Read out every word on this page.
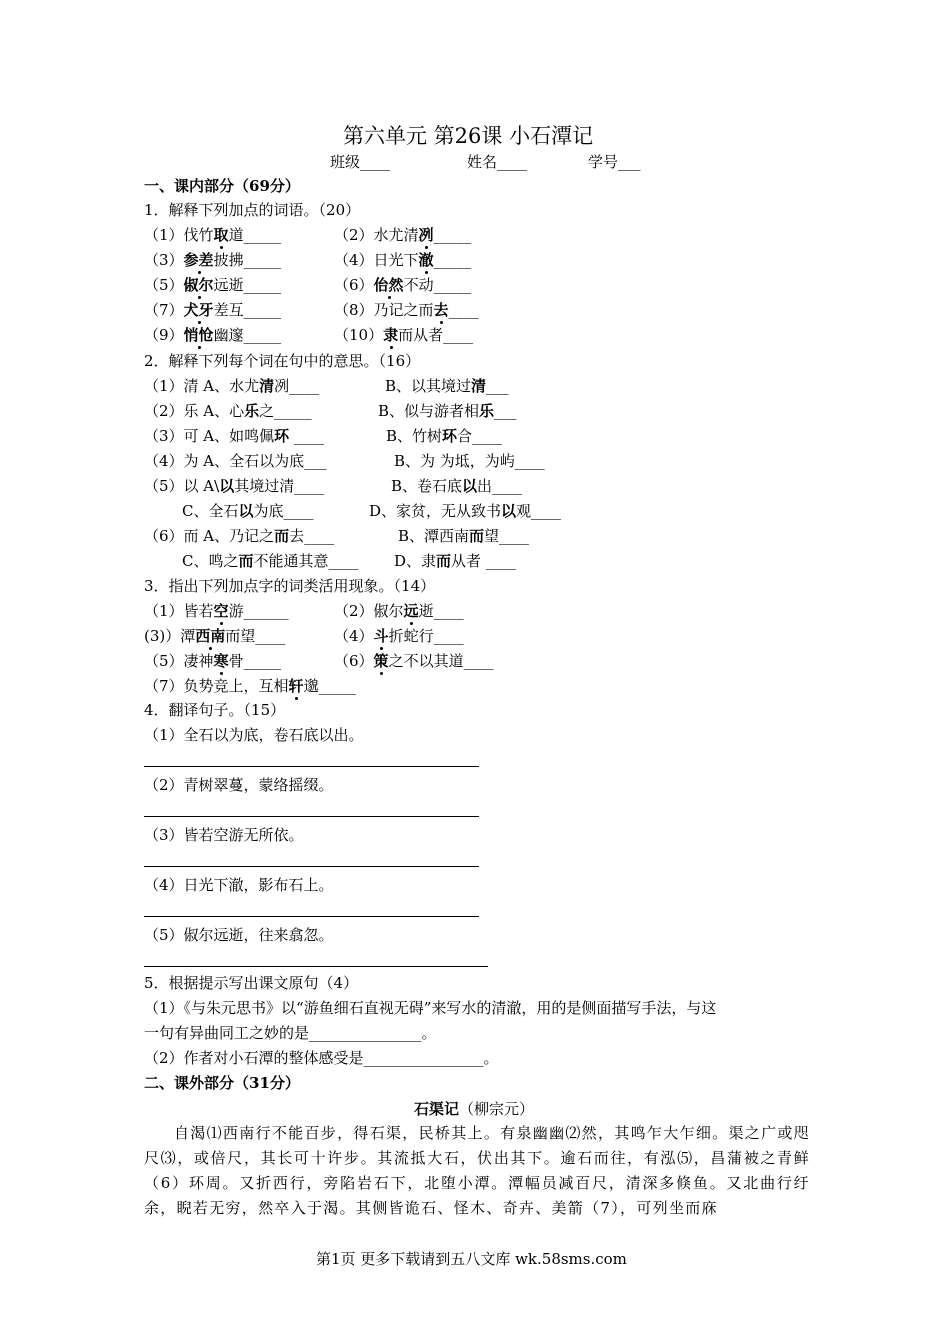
第六单元 第26课 小石潭记
班级____	姓名____	学号___
一、课内部分（69分）
1．解释下列加点的词语。（20）
（1）伐竹取道_____	（2）水尤清冽_____
（3）参差披拂_____	（4）日光下澈_____
（5）俶尔远逝_____	（6）佁然不动_____
（7）犬牙差互_____	（8）乃记之而去____
（9）悄怆幽邃_____	（10）隶而从者____
2．解释下列每个词在句中的意思。（16）
（1）清 A、水尤清冽____	B、以其境过清___
（2）乐 A、心乐之_____	B、似与游者相乐___
（3）可 A、如鸣佩环 ____	B、竹树环合____
（4）为 A、全石以为底___	B、为 为坻，为屿____
（5）以 A\以其境过清____	B、卷石底以出____
C、全石以为底____	D、家贫，无从致书以观____
（6）而 A、乃记之而去____	B、潭西南而望____
C、鸣之而不能通其意____ D、隶而从者 ____
3．指出下列加点字的词类活用现象。（14）
（1）皆若空游______	（2）俶尔远逝____
(3)）潭西南而望____	（4）斗折蛇行____
（5）凄神寒骨_____	（6）策之不以其道____
（7）负势竞上，互相轩邈_____
4．翻译句子。（15）
（1）全石以为底，卷石底以出。
（2）青树翠蔓，蒙络摇缀。
（3）皆若空游无所依。
（4）日光下澈，影布石上。
（5）俶尔远逝，往来翕忽。
5．根据提示写出课文原句（4）
（1）《与朱元思书》以“游鱼细石直视无碍”来写水的清澈，用的是侧面描写手法，与这
一句有异曲同工之妙的是_______________。
（2）作者对小石潭的整体感受是________________。
二、课外部分（31分）
石渠记（柳宗元）
自渴⑴西南行不能百步，得石渠，民桥其上。有泉幽幽⑵然，其鸣乍大乍细。渠之广或咫尺⑶，或倍尺，其长可十许步。其流抵大石，伏出其下。逾石而往，有泓⑸，昌蒲被之青鲜（6）环周。又折西行，旁陷岩石下，北堕小潭。潭幅员减百尺，清深多倏鱼。又北曲行纡余，睨若无穷，然卒入于渴。其侧皆诡石、怪木、奇卉、美箭（7），可列坐而庥
第1页 更多下载请到五八文库 wk.58sms.com
